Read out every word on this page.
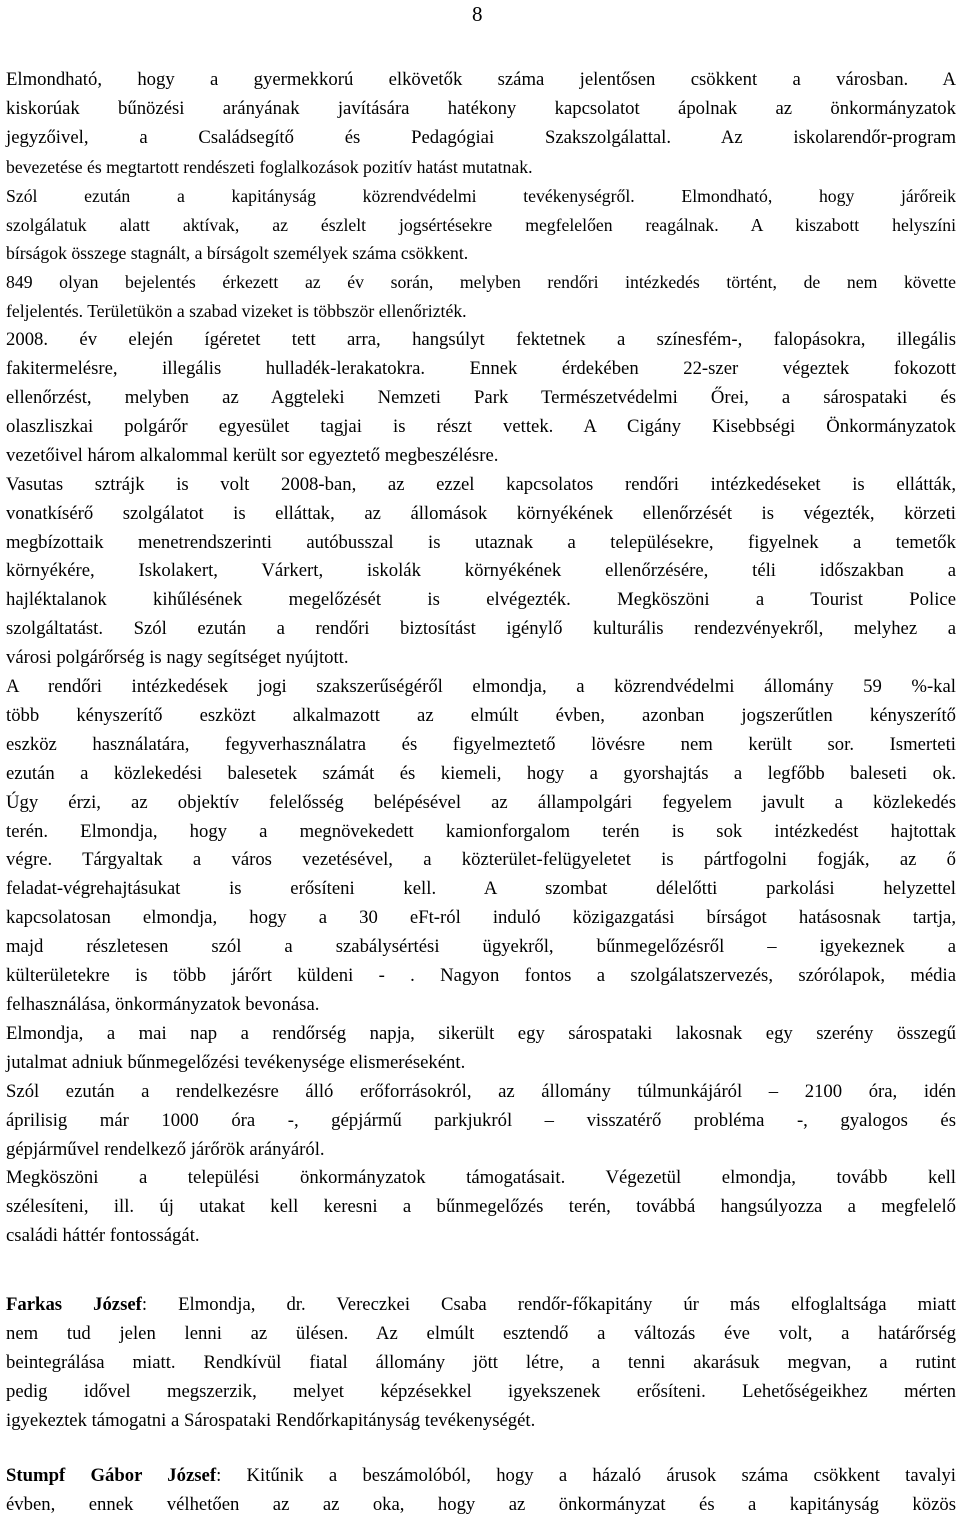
8
Elmondható, hogy a gyermekkorú elkövetők száma jelentősen csökkent a városban. A
kiskorúak bűnözési arányának javítására hatékony kapcsolatot ápolnak az önkormányzatok
jegyzőivel, a Családsegítő és Pedagógiai Szakszolgálattal. Az iskolarendőr-program
bevezetése és megtartott rendészeti foglalkozások pozitív hatást mutatnak.
Szól ezután a kapitányság közrendvédelmi tevékenységről. Elmondható, hogy járőreik
szolgálatuk alatt aktívak, az észlelt jogsértésekre megfelelően reagálnak. A kiszabott helyszíni
bírságok összege stagnált, a bírságolt személyek száma csökkent.
849 olyan bejelentés érkezett az év során, melyben rendőri intézkedés történt, de nem követte
feljelentés. Területükön a szabad vizeket is többször ellenőrizték.
2008. év elején ígéretet tett arra, hangsúlyt fektetnek a színesfém-, falopásokra, illegális
fakitermelésre, illegális hulladék-lerakatokra. Ennek érdekében 22-szer végeztek fokozott
ellenőrzést, melyben az Aggteleki Nemzeti Park Természetvédelmi Őrei, a sárospataki és
olaszliszkai polgárőr egyesület tagjai is részt vettek. A Cigány Kisebbségi Önkormányzatok
vezetőivel három alkalommal került sor egyeztető megbeszélésre.
Vasutas sztrájk is volt 2008-ban, az ezzel kapcsolatos rendőri intézkedéseket is ellátták,
vonatkísérő szolgálatot is elláttak, az állomások környékének ellenőrzését is végezték, körzeti
megbízottaik menetrendszerinti autóbusszal is utaznak a településekre, figyelnek a temetők
környékére, Iskolakert, Várkert, iskolák környékének ellenőrzésére, téli időszakban a
hajléktalanok kihűlésének megelőzését is elvégezték. Megköszöni a Tourist Police
szolgáltatást. Szól ezután a rendőri biztosítást igénylő kulturális rendezvényekről, melyhez a
városi polgárőrség is nagy segítséget nyújtott.
A rendőri intézkedések jogi szakszerűségéről elmondja, a közrendvédelmi állomány 59 %-kal
több kényszerítő eszközt alkalmazott az elmúlt évben, azonban jogszerűtlen kényszerítő
eszköz használatára, fegyverhasználatra és figyelmeztető lövésre nem került sor. Ismerteti
ezután a közlekedési balesetek számát és kiemeli, hogy a gyorshajtás a legfőbb baleseti ok.
Úgy érzi, az objektív felelősség belépésével az állampolgári fegyelem javult a közlekedés
terén. Elmondja, hogy a megnövekedett kamionforgalom terén is sok intézkedést hajtottak
végre. Tárgyaltak a város vezetésével, a közterület-felügyeletet is pártfogolni fogják, az ő
feladat-végrehajtásukat is erősíteni kell. A szombat délelőtti parkolási helyzettel
kapcsolatosan elmondja, hogy a 30 eFt-ról induló közigazgatási bírságot hatásosnak tartja,
majd részletesen szól a szabálysértési ügyekről, bűnmegelőzésről – igyekeznek a
külterületekre is több járőrt küldeni - . Nagyon fontos a szolgálatszervezés, szórólapok, média
felhasználása, önkormányzatok bevonása.
Elmondja, a mai nap a rendőrség napja, sikerült egy sárospataki lakosnak egy szerény összegű
jutalmat adniuk bűnmegelőzési tevékenysége elismeréseként.
Szól ezután a rendelkezésre álló erőforrásokról, az állomány túlmunkájáról – 2100 óra, idén
áprilisig már 1000 óra -, gépjármű parkjukról – visszatérő probléma -, gyalogos és
gépjárművel rendelkező járőrök arányáról.
Megköszöni a települési önkormányzatok támogatásait. Végezetül elmondja, tovább kell
szélesíteni, ill. új utakat kell keresni a bűnmegelőzés terén, továbbá hangsúlyozza a megfelelő
családi háttér fontosságát.
Farkas József: Elmondja, dr. Vereczkei Csaba rendőr-főkapitány úr más elfoglaltsága miatt
nem tud jelen lenni az ülésen. Az elmúlt esztendő a változás éve volt, a határőrség
beintegrálása miatt. Rendkívül fiatal állomány jött létre, a tenni akarásuk megvan, a rutint
pedig idővel megszerzik, melyet képzésekkel igyekszenek erősíteni. Lehetőségeikhez mérten
igyekeztek támogatni a Sárospataki Rendőrkapitányság tevékenységét.
Stumpf Gábor József: Kitűnik a beszámolóból, hogy a házaló árusok száma csökkent tavalyi
évben, ennek vélhetően az az oka, hogy az önkormányzat és a kapitányság közös
